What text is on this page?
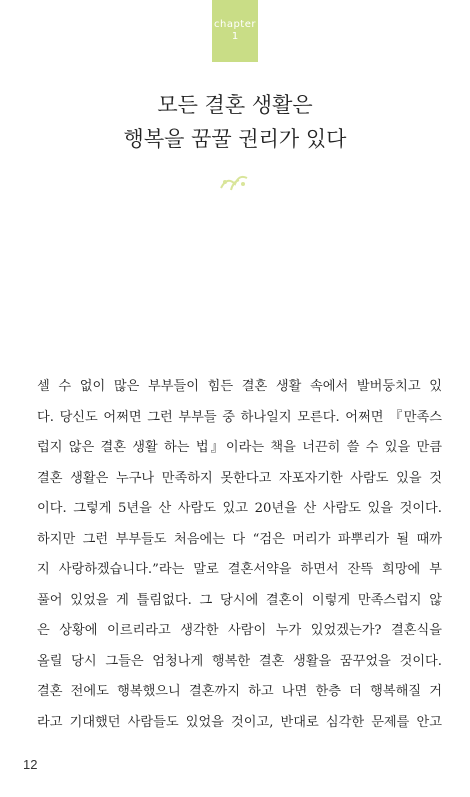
chapter
1
모든 결혼 생활은
행복을 꿈꿀 권리가 있다
셀 수 없이 많은 부부들이 힘든 결혼 생활 속에서 발버둥치고 있
다. 당신도 어쩌면 그런 부부들 중 하나일지 모른다. 어쩌면 『만족스
럽지 않은 결혼 생활 하는 법』이라는 책을 너끈히 쓸 수 있을 만큼
결혼 생활은 누구나 만족하지 못한다고 자포자기한 사람도 있을 것
이다. 그렇게 5년을 산 사람도 있고 20년을 산 사람도 있을 것이다.
하지만 그런 부부들도 처음에는 다 “검은 머리가 파뿌리가 될 때까
지 사랑하겠습니다.”라는 말로 결혼서약을 하면서 잔뜩 희망에 부
풀어 있었을 게 틀림없다. 그 당시에 결혼이 이렇게 만족스럽지 않
은 상황에 이르리라고 생각한 사람이 누가 있었겠는가? 결혼식을
올릴 당시 그들은 엄청나게 행복한 결혼 생활을 꿈꾸었을 것이다.
결혼 전에도 행복했으니 결혼까지 하고 나면 한층 더 행복해질 거
라고 기대했던 사람들도 있었을 것이고, 반대로 심각한 문제를 안고
12
